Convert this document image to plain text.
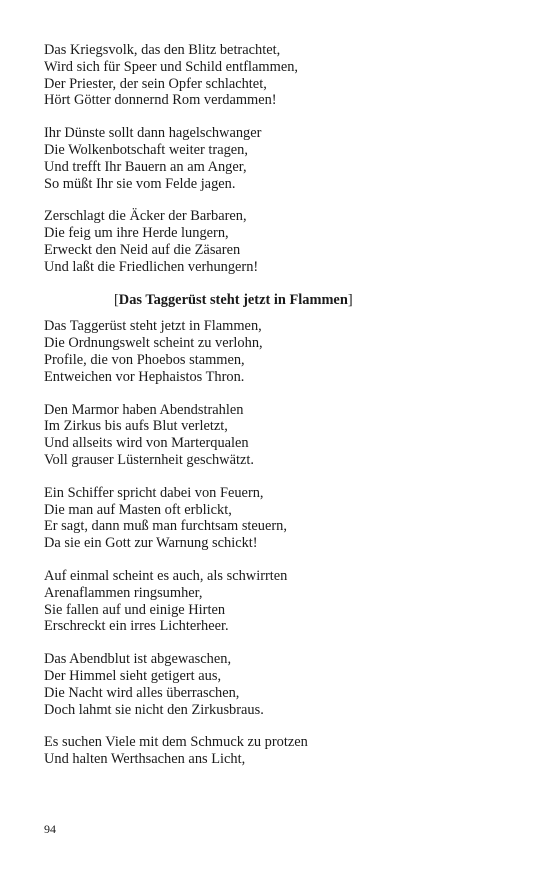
Das Kriegsvolk, das den Blitz betrachtet,
Wird sich für Speer und Schild entflammen,
Der Priester, der sein Opfer schlachtet,
Hört Götter donnernd Rom verdammen!
Ihr Dünste sollt dann hagelschwanger
Die Wolkenbotschaft weiter tragen,
Und trefft Ihr Bauern an am Anger,
So müßt Ihr sie vom Felde jagen.
Zerschlagt die Äcker der Barbaren,
Die feig um ihre Herde lungern,
Erweckt den Neid auf die Zäsaren
Und laßt die Friedlichen verhungern!
[Das Taggerüst steht jetzt in Flammen]
Das Taggerüst steht jetzt in Flammen,
Die Ordnungswelt scheint zu verlohn,
Profile, die von Phoebos stammen,
Entweichen vor Hephaistos Thron.
Den Marmor haben Abendstrahlen
Im Zirkus bis aufs Blut verletzt,
Und allseits wird von Marterqualen
Voll grauser Lüsternheit geschwätzt.
Ein Schiffer spricht dabei von Feuern,
Die man auf Masten oft erblickt,
Er sagt, dann muß man furchtsam steuern,
Da sie ein Gott zur Warnung schickt!
Auf einmal scheint es auch, als schwirrten
Arenaflammen ringsumher,
Sie fallen auf und einige Hirten
Erschreckt ein irres Lichterheer.
Das Abendblut ist abgewaschen,
Der Himmel sieht getigert aus,
Die Nacht wird alles überraschen,
Doch lahmt sie nicht den Zirkusbraus.
Es suchen Viele mit dem Schmuck zu protzen
Und halten Werthsachen ans Licht,
94
